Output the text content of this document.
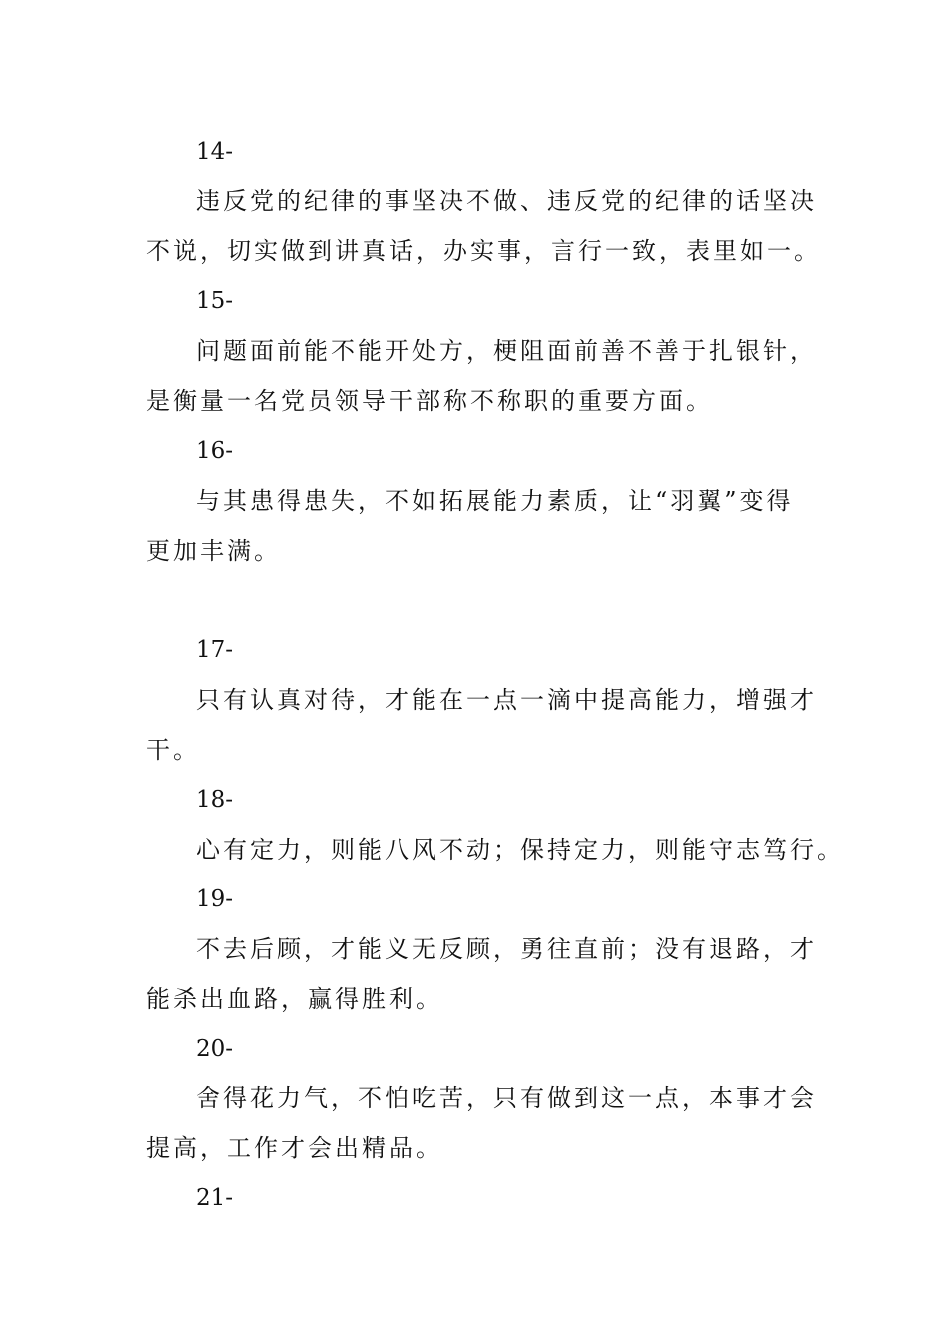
14-
违反党的纪律的事坚决不做、违反党的纪律的话坚决
不说，切实做到讲真话，办实事，言行一致，表里如一。
15-
问题面前能不能开处方，梗阻面前善不善于扎银针，
是衡量一名党员领导干部称不称职的重要方面。
16-
与其患得患失，不如拓展能力素质，让“羽翼”变得
更加丰满。
17-
只有认真对待，才能在一点一滴中提高能力，增强才
干。
18-
心有定力，则能八风不动；保持定力，则能守志笃行。
19-
不去后顾，才能义无反顾，勇往直前；没有退路，才
能杀出血路，赢得胜利。
20-
舍得花力气，不怕吃苦，只有做到这一点，本事才会
提高，工作才会出精品。
21-
